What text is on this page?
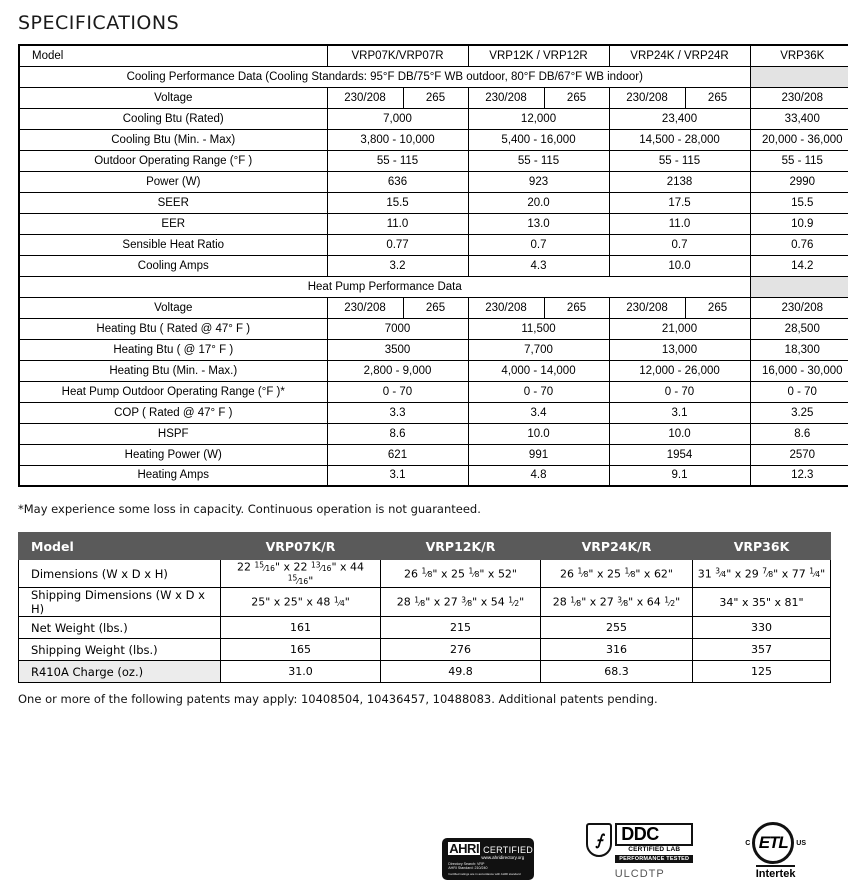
SPECIFICATIONS
Model	VRP07K/VRP07R		VRP12K / VRP12R		VRP24K / VRP24R		VRP36K
Cooling Performance Data (Cooling Standards: 95°F DB/75°F WB outdoor, 80°F DB/67°F WB indoor)							
Voltage	230/208	265	230/208	265	230/208	265	230/208
Cooling Btu (Rated)	7,000		12,000		23,400		33,400
Cooling Btu (Min. - Max)	3,800 - 10,000		5,400 - 16,000		14,500 - 28,000		20,000 - 36,000
Outdoor Operating Range (°F )	55 - 115		55 - 115		55 - 115		55 - 115
Power (W)	636		923		2138		2990
SEER	15.5		20.0		17.5		15.5
EER	11.0		13.0		11.0		10.9
Sensible Heat Ratio	0.77		0.7		0.7		0.76
Cooling Amps	3.2		4.3		10.0		14.2
Heat Pump Performance Data							
Voltage	230/208	265	230/208	265	230/208	265	230/208
Heating Btu ( Rated @ 47° F )	7000		11,500		21,000		28,500
Heating Btu ( @ 17° F )	3500		7,700		13,000		18,300
Heating Btu (Min. - Max.)	2,800 - 9,000		4,000 - 14,000		12,000 - 26,000		16,000 - 30,000
Heat Pump Outdoor Operating Range (°F )*	0 - 70		0 - 70		0 - 70		0 - 70
COP ( Rated @ 47° F )	3.3		3.4		3.1		3.25
HSPF	8.6		10.0		10.0		8.6
Heating Power (W)	621		991		1954		2570
Heating Amps	3.1		4.8		9.1		12.3
*May experience some loss in capacity. Continuous operation is not guaranteed.
Model	VRP07K/R	VRP12K/R	VRP24K/R	VRP36K
Dimensions (W x D x H)	22 $^{15}$⁄16" x 22 $^{13}$⁄16" x 44 $^{15}$⁄16"	26 $^1$⁄8" x 25 $^1$⁄8" x 52"	26 $^1$⁄8" x 25 $^1$⁄8" x 62"	31 $^3$⁄4" x 29 $^7$⁄8" x 77 $^1$⁄4"
Shipping Dimensions (W x D x H)	25" x 25" x 48 $^1$⁄4"	28 $^1$⁄8" x 27 $^3$⁄8" x 54 $^1$⁄2"	28 $^1$⁄8" x 27 $^3$⁄8" x 64 $^1$⁄2"	34" x 35" x 81"
Net Weight (lbs.)	161	215	255	330
Shipping Weight (lbs.)	165	276	316	357
R410A Charge (oz.)	31.0	49.8	68.3	125
One or more of the following patents may apply: 10408504, 10436457, 10488083. Additional patents pending.
AHRI CERTIFIED™
www.ahridirectory.org
Directory Search: VRP
AHRI Standard: 210/240
Certified ratings are in accordance with AHRI standard
⨍	DDC
CERTIFIED LAB
PERFORMANCE TESTED
ULCDTP
C ETL	US
Intertek
